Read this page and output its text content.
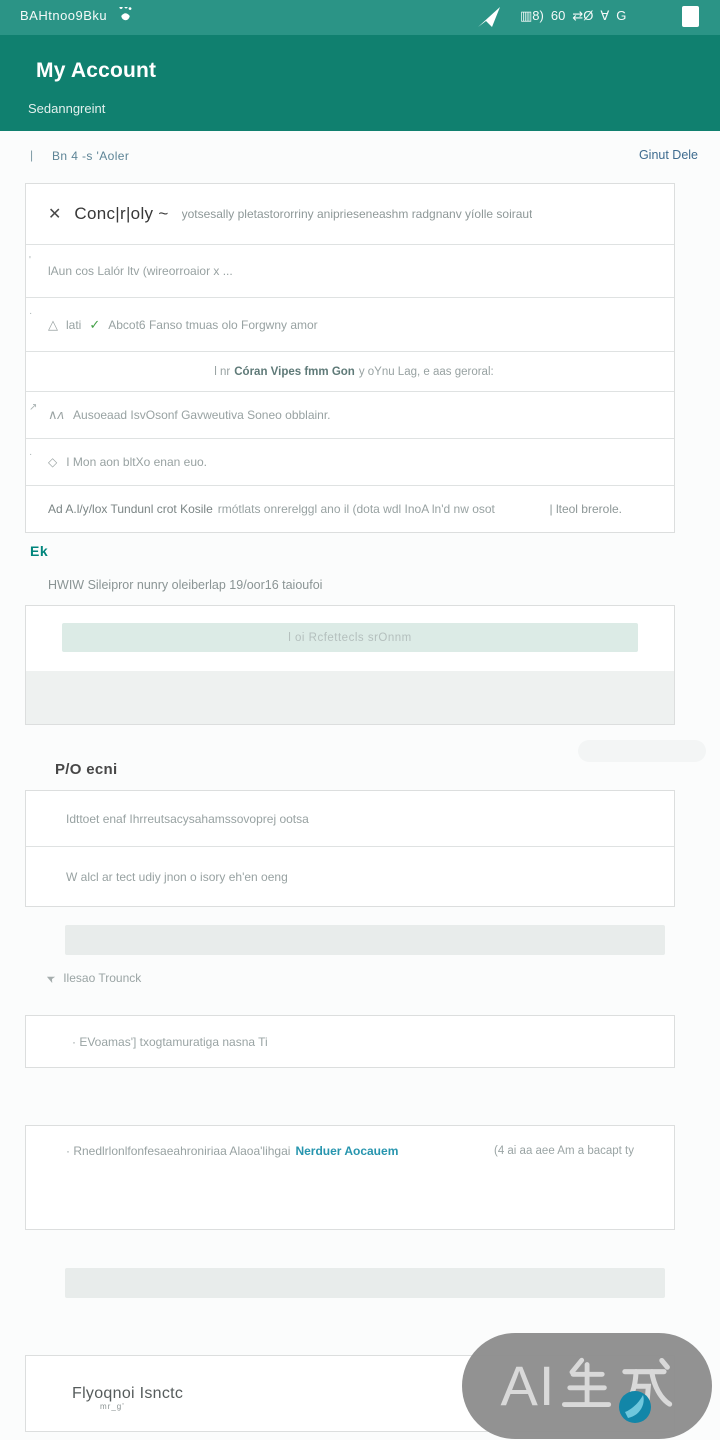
BAHtnoo9Bku	▥8) 60 ⇄Ø ∀ G
My Account
Sedanngreint
| Bn 4 -s 'Aoler	Ginut Dele
✕ Conc|r|oly ~ yotsesally pletastororriny aniprieseneashm radgnanv yíolle soiraut
'
lAun cos Lalór ltv (wireorroaior x ...
·
△ lati ✓ Abcot6 Fanso tmuas olo Forgwny amor
l nr Córan Vipes fmm Gon y oYnu Lag, e aas geroral:
↗ ∧ʌ Ausoeaad IsvOsonf Gavweutiva Soneo obblainr.
·
◇ I Mon aon bltXo enan euo.
Ad A.l/y/lox Tundunl crot Kosile rmótlats onrerelggl ano il (dota wdl InoA ln'd nw osot	| lteol brerole.
Ek
HWIW Sileipror nunry oleiberlap 19/oor16 taioufoi
l oi Rcfettecls srOnnm
P/O ecni
Idttoet enaf Ihrreutsacysahamssovoprej ootsa
W alcl ar tect udiy jnon o isory eh'en oeng
➤ Ilesao Trounck
· EVoamas'] txogtamuratiga nasna Ti
· Rnedlrlonlfonfesaeahroniriaa Alaoa'lihgai Nerduer Aocauem	(4 ai aa aee Am a bacapt ty
Flyoqnoi Isnctc
mr_g'	AI
